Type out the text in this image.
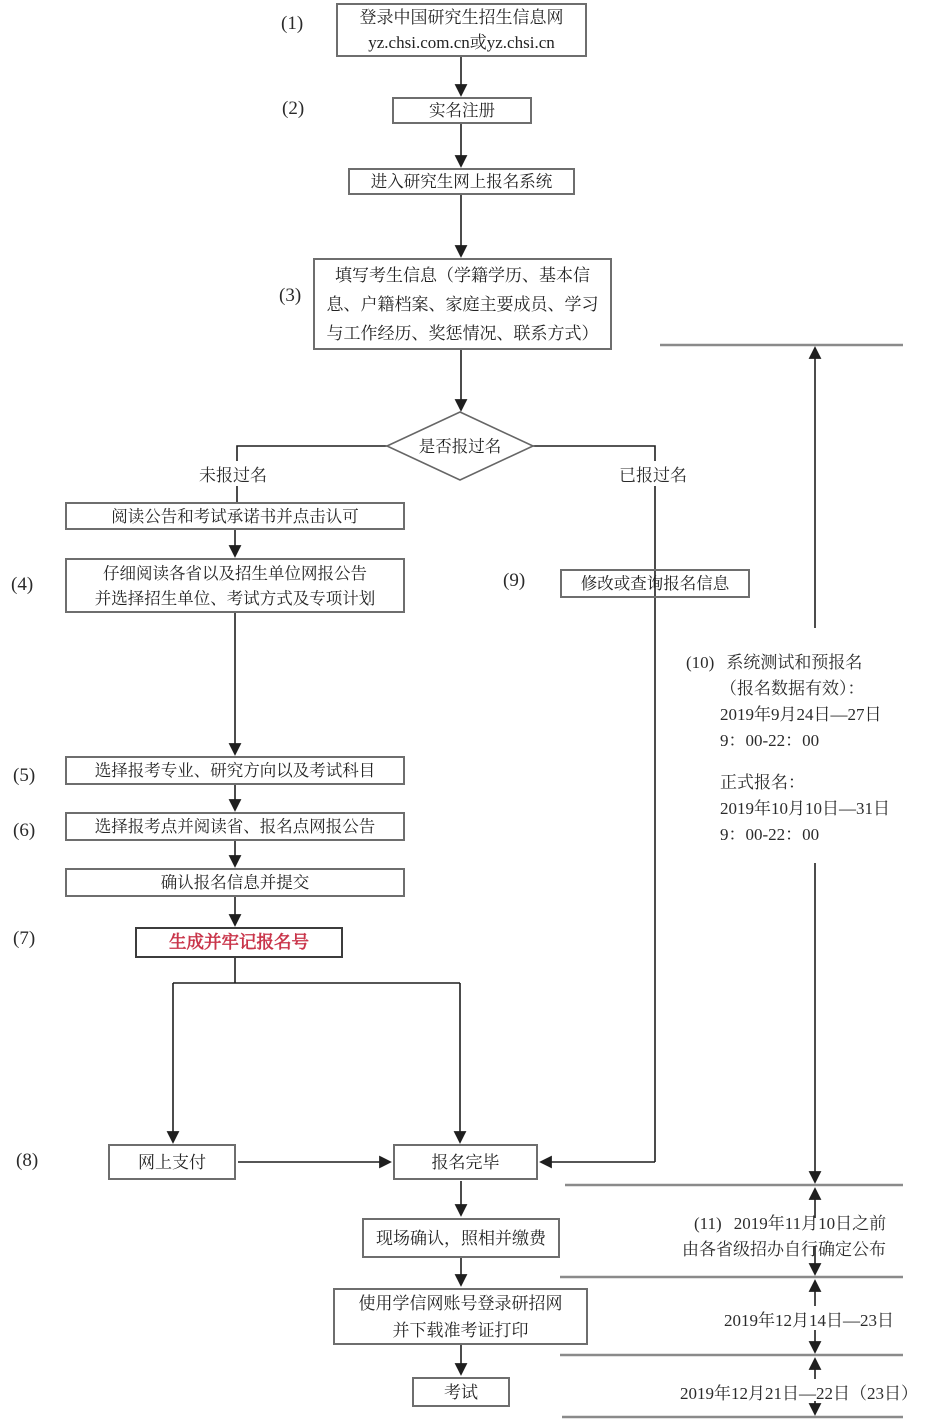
(1)
(2)
(3)
(4)
(5)
(6)
(7)
(8)
(9)
登录中国研究生招生信息网
yz.chsi.com.cn或yz.chsi.cn
实名注册
进入研究生网上报名系统
填写考生信息（学籍学历、基本信
息、户籍档案、家庭主要成员、学习
与工作经历、奖惩情况、联系方式）
是否报过名
未报过名	已报过名
阅读公告和考试承诺书并点击认可
仔细阅读各省以及招生单位网报公告
并选择招生单位、考试方式及专项计划
选择报考专业、研究方向以及考试科目
选择报考点并阅读省、报名点网报公告
确认报名信息并提交
生成并牢记报名号
修改或查询报名信息
网上支付	报名完毕
现场确认，照相并缴费
使用学信网账号登录研招网
并下载准考证打印
考试
(10) 系统测试和预报名
（报名数据有效）：
2019年9月24日—27日
9：00-22：00
正式报名：
2019年10月10日—31日
9：00-22：00
(11) 2019年11月10日之前
由各省级招办自行确定公布
2019年12月14日—23日
2019年12月21日—22日（23日）
